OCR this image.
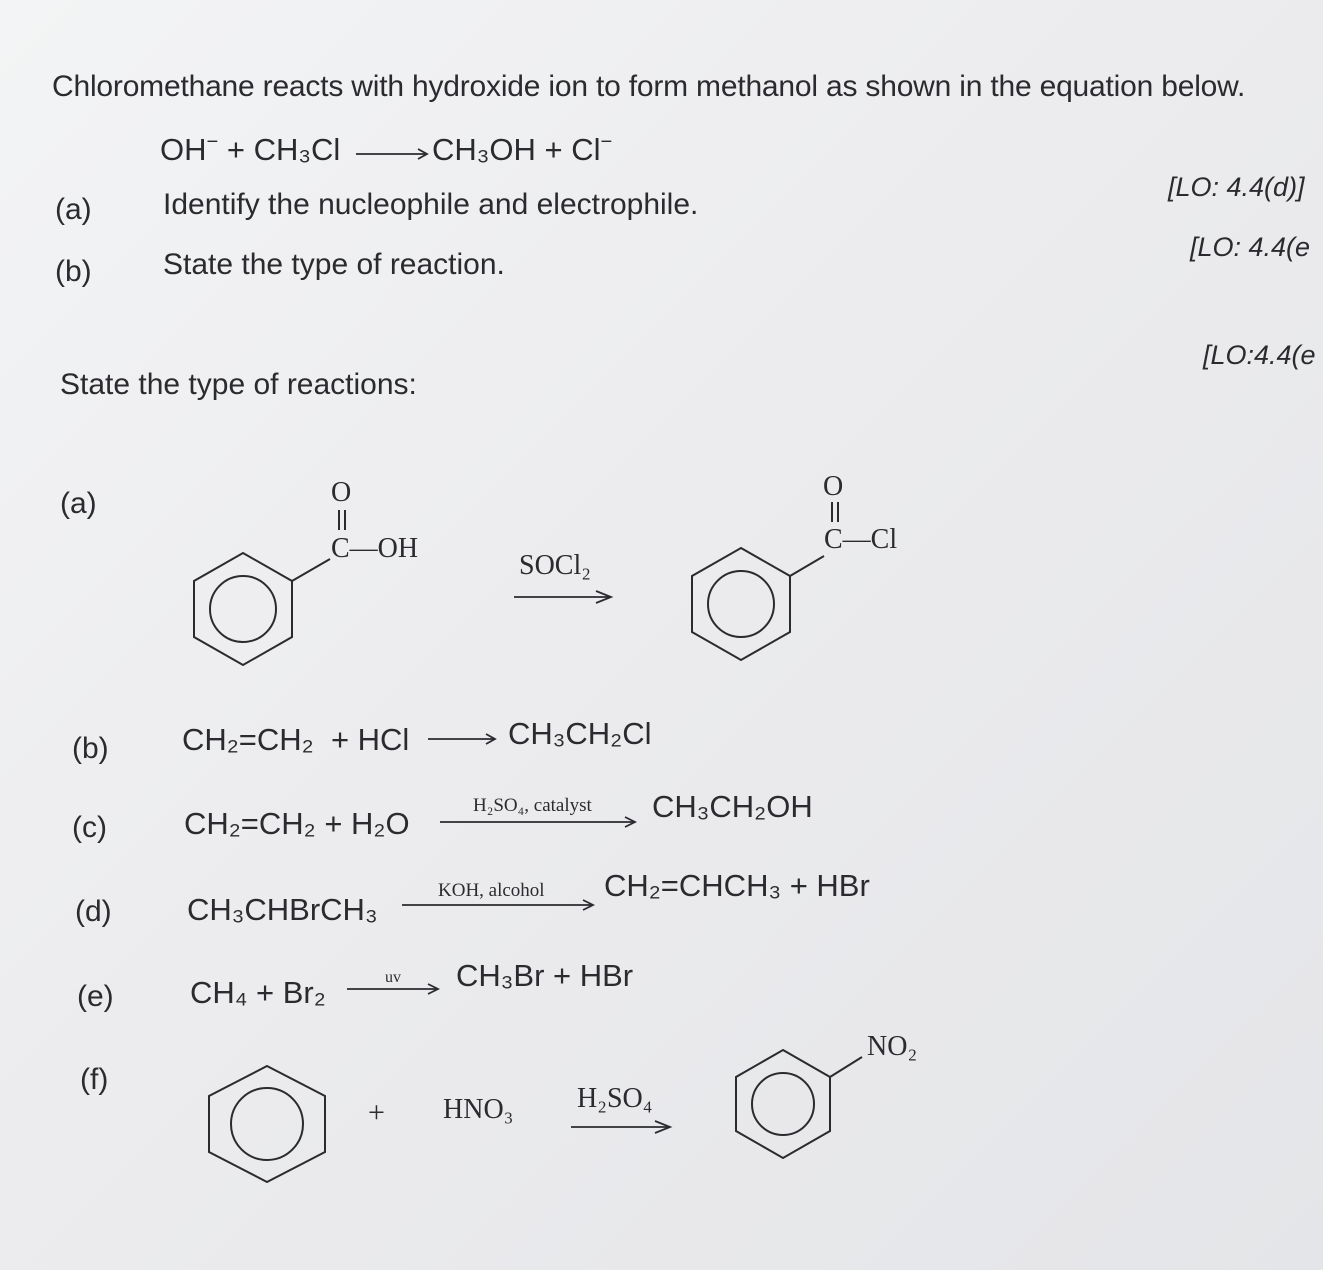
Chloromethane reacts with hydroxide ion to form methanol as shown in the equation below.
OH− + CH₃Cl	CH₃OH + Cl−
(a) Identify the nucleophile and electrophile.
[LO: 4.4(d)]
(b) State the type of reaction.
[LO: 4.4(e
State the type of reactions:
[LO:4.4(e
(a)	O
C—OH
SOCl₂
O
C—Cl
(b) CH₂=CH₂  + HCl	CH₃CH₂Cl
(c) CH₂=CH₂ + H₂O
H₂SO₄, catalyst CH₃CH₂OH
(d) CH₃CHBrCH₃
KOH, alcohol CH₂=CHCH₃ + HBr
(e) CH₄ + Br₂	uv CH₃Br + HBr
(f)
+ HNO₃ H₂SO₄
NO₂
